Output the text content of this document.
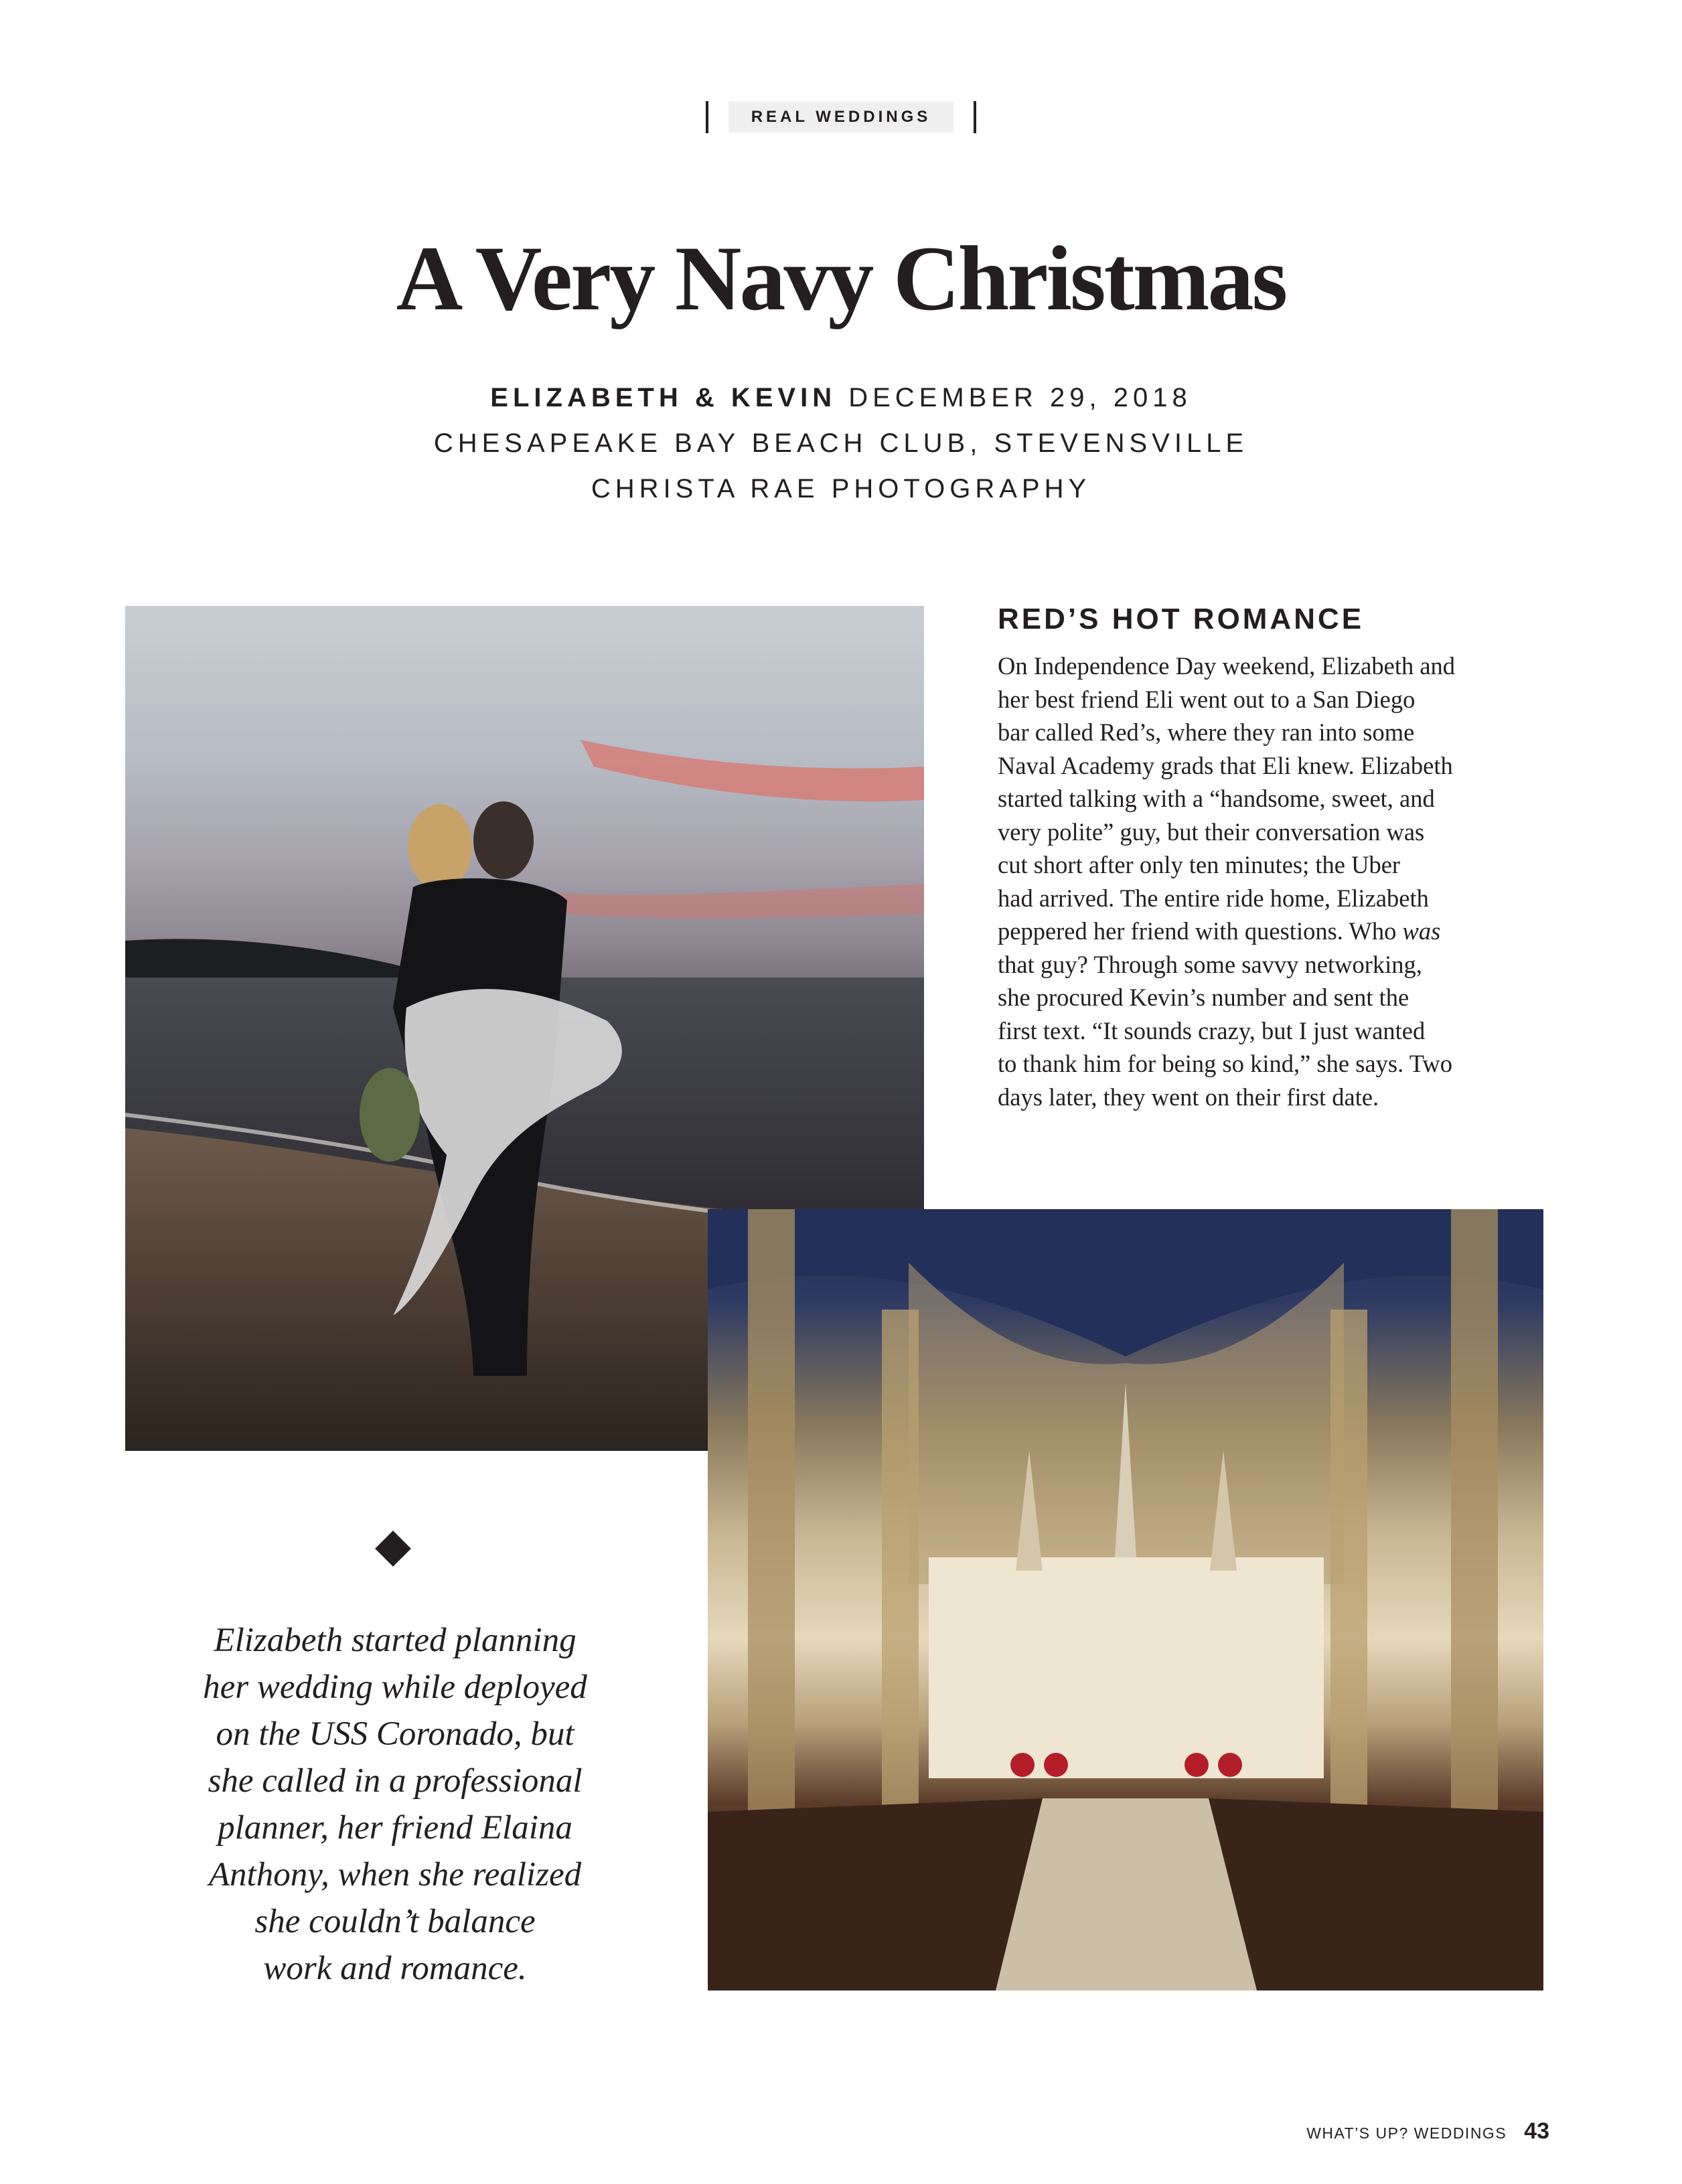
REAL WEDDINGS
A Very Navy Christmas
ELIZABETH & KEVIN DECEMBER 29, 2018
CHESAPEAKE BAY BEACH CLUB, STEVENSVILLE
CHRISTA RAE PHOTOGRAPHY
RED’S HOT ROMANCE
On Independence Day weekend, Elizabeth and
her best friend Eli went out to a San Diego
bar called Red’s, where they ran into some
Naval Academy grads that Eli knew. Elizabeth
started talking with a “handsome, sweet, and
very polite” guy, but their conversation was
cut short after only ten minutes; the Uber
had arrived. The entire ride home, Elizabeth
peppered her friend with questions. Who was
that guy? Through some savvy networking,
she procured Kevin’s number and sent the
first text. “It sounds crazy, but I just wanted
to thank him for being so kind,” she says. Two
days later, they went on their first date.
Elizabeth started planning
her wedding while deployed
on the USS Coronado, but
she called in a professional
planner, her friend Elaina
Anthony, when she realized
she couldn’t balance
work and romance.
WHAT’S UP? WEDDINGS 43
